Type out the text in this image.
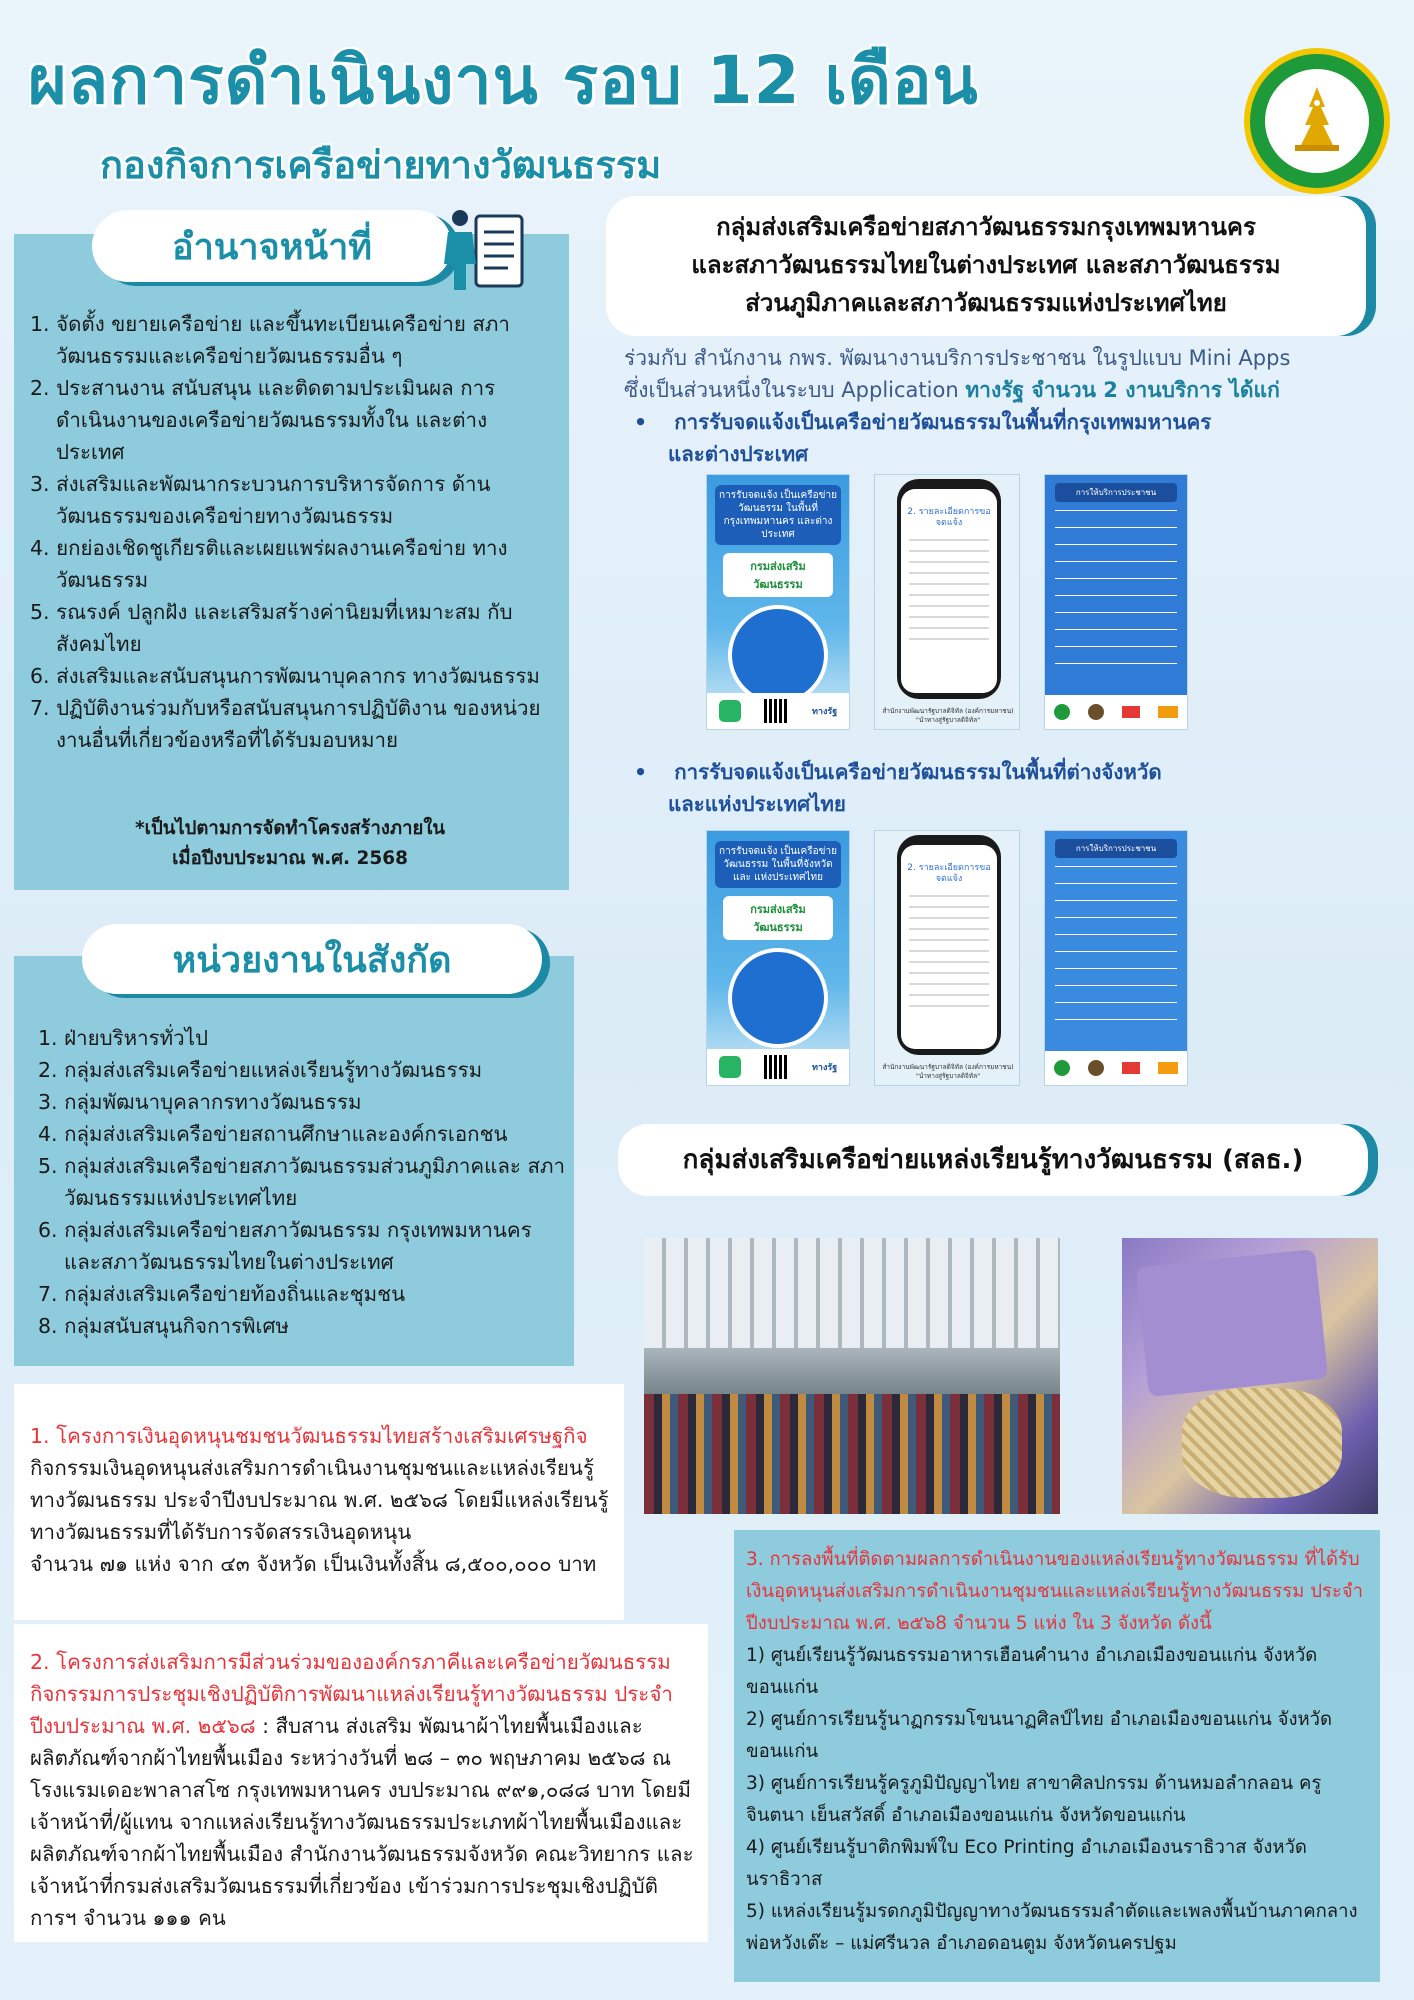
ผลการดำเนินงาน รอบ 12 เดือน
กองกิจการเครือข่ายทางวัฒนธรรม
อำนาจหน้าที่
1. จัดตั้ง ขยายเครือข่าย และขึ้นทะเบียนเครือข่าย สภาวัฒนธรรมและเครือข่ายวัฒนธรรมอื่น ๆ
2. ประสานงาน สนับสนุน และติดตามประเมินผล การดำเนินงานของเครือข่ายวัฒนธรรมทั้งใน และต่างประเทศ
3. ส่งเสริมและพัฒนากระบวนการบริหารจัดการ ด้านวัฒนธรรมของเครือข่ายทางวัฒนธรรม
4. ยกย่องเชิดชูเกียรติและเผยแพร่ผลงานเครือข่าย ทางวัฒนธรรม
5. รณรงค์ ปลูกฝัง และเสริมสร้างค่านิยมที่เหมาะสม กับสังคมไทย
6. ส่งเสริมและสนับสนุนการพัฒนาบุคลากร ทางวัฒนธรรม
7. ปฏิบัติงานร่วมกับหรือสนับสนุนการปฏิบัติงาน ของหน่วยงานอื่นที่เกี่ยวข้องหรือที่ได้รับมอบหมาย
*เป็นไปตามการจัดทำโครงสร้างภายใน
เมื่อปีงบประมาณ พ.ศ. 2568
หน่วยงานในสังกัด
1. ฝ่ายบริหารทั่วไป
2. กลุ่มส่งเสริมเครือข่ายแหล่งเรียนรู้ทางวัฒนธรรม
3. กลุ่มพัฒนาบุคลากรทางวัฒนธรรม
4. กลุ่มส่งเสริมเครือข่ายสถานศึกษาและองค์กรเอกชน
5. กลุ่มส่งเสริมเครือข่ายสภาวัฒนธรรมส่วนภูมิภาคและ สภาวัฒนธรรมแห่งประเทศไทย
6. กลุ่มส่งเสริมเครือข่ายสภาวัฒนธรรม กรุงเทพมหานคร และสภาวัฒนธรรมไทยในต่างประเทศ
7. กลุ่มส่งเสริมเครือข่ายท้องถิ่นและชุมชน
8. กลุ่มสนับสนุนกิจการพิเศษ
1. โครงการเงินอุดหนุนชมชนวัฒนธรรมไทยสร้างเสริมเศรษฐกิจ
กิจกรรมเงินอุดหนุนส่งเสริมการดำเนินงานชุมชนและแหล่งเรียนรู้ทางวัฒนธรรม ประจำปีงบประมาณ พ.ศ. ๒๕๖๘ โดยมีแหล่งเรียนรู้ทางวัฒนธรรมที่ได้รับการจัดสรรเงินอุดหนุน
จำนวน ๗๑ แห่ง จาก ๔๓ จังหวัด เป็นเงินทั้งสิ้น ๘,๕๐๐,๐๐๐ บาท
2. โครงการส่งเสริมการมีส่วนร่วมขององค์กรภาคีและเครือข่ายวัฒนธรรม กิจกรรมการประชุมเชิงปฏิบัติการพัฒนาแหล่งเรียนรู้ทางวัฒนธรรม ประจำปีงบประมาณ พ.ศ. ๒๕๖๘ : สืบสาน ส่งเสริม พัฒนาผ้าไทยพื้นเมืองและผลิตภัณฑ์จากผ้าไทยพื้นเมือง ระหว่างวันที่ ๒๘ – ๓๐ พฤษภาคม ๒๕๖๘ ณ โรงแรมเดอะพาลาสโซ กรุงเทพมหานคร งบประมาณ ๙๙๑,๐๘๘ บาท โดยมีเจ้าหน้าที่/ผู้แทน จากแหล่งเรียนรู้ทางวัฒนธรรมประเภทผ้าไทยพื้นเมืองและผลิตภัณฑ์จากผ้าไทยพื้นเมือง สำนักงานวัฒนธรรมจังหวัด คณะวิทยากร และเจ้าหน้าที่กรมส่งเสริมวัฒนธรรมที่เกี่ยวข้อง เข้าร่วมการประชุมเชิงปฏิบัติการฯ จำนวน ๑๑๑ คน
กลุ่มส่งเสริมเครือข่ายสภาวัฒนธรรมกรุงเทพมหานคร
และสภาวัฒนธรรมไทยในต่างประเทศ และสภาวัฒนธรรม
ส่วนภูมิภาคและสภาวัฒนธรรมแห่งประเทศไทย
ร่วมกับ สำนักงาน กพร. พัฒนางานบริการประชาชน ในรูปแบบ Mini Apps
ซึ่งเป็นส่วนหนึ่งในระบบ Application ทางรัฐ จำนวน 2 งานบริการ ได้แก่
• การรับจดแจ้งเป็นเครือข่ายวัฒนธรรมในพื้นที่กรุงเทพมหานคร
และต่างประเทศ
การรับจดแจ้ง เป็นเครือข่ายวัฒนธรรม ในพื้นที่กรุงเทพมหานคร และต่างประเทศ
กรมส่งเสริม วัฒนธรรม
ทางรัฐ
2. รายละเอียดการขอจดแจ้ง
สำนักงานพัฒนารัฐบาลดิจิทัล (องค์การมหาชน) "นำทางสู่รัฐบาลดิจิทัล"
การให้บริการประชาชน
• การรับจดแจ้งเป็นเครือข่ายวัฒนธรรมในพื้นที่ต่างจังหวัด
และแห่งประเทศไทย
การรับจดแจ้ง เป็นเครือข่ายวัฒนธรรม ในพื้นที่จังหวัดและ แห่งประเทศไทย
กรมส่งเสริม วัฒนธรรม
ทางรัฐ
2. รายละเอียดการขอจดแจ้ง
สำนักงานพัฒนารัฐบาลดิจิทัล (องค์การมหาชน) "นำทางสู่รัฐบาลดิจิทัล"
การให้บริการประชาชน
กลุ่มส่งเสริมเครือข่ายแหล่งเรียนรู้ทางวัฒนธรรม (สลธ.)
3. การลงพื้นที่ติดตามผลการดำเนินงานของแหล่งเรียนรู้ทางวัฒนธรรม ที่ได้รับเงินอุดหนุนส่งเสริมการดำเนินงานชุมชนและแหล่งเรียนรู้ทางวัฒนธรรม ประจำปีงบประมาณ พ.ศ. ๒๕๖8 จำนวน 5 แห่ง ใน 3 จังหวัด ดังนี้
1) ศูนย์เรียนรู้วัฒนธรรมอาหารเฮือนคำนาง อำเภอเมืองขอนแก่น จังหวัดขอนแก่น
2) ศูนย์การเรียนรู้นาฏกรรมโขนนาฏศิลป์ไทย อำเภอเมืองขอนแก่น จังหวัดขอนแก่น
3) ศูนย์การเรียนรู้ครูภูมิปัญญาไทย สาขาศิลปกรรม ด้านหมอลำกลอน ครูจินตนา เย็นสวัสดิ์ อำเภอเมืองขอนแก่น จังหวัดขอนแก่น
4) ศูนย์เรียนรู้บาติกพิมพ์ใบ Eco Printing อำเภอเมืองนราธิวาส จังหวัดนราธิวาส
5) แหล่งเรียนรู้มรดกภูมิปัญญาทางวัฒนธรรมลำตัดและเพลงพื้นบ้านภาคกลาง พ่อหวังเต๊ะ – แม่ศรีนวล อำเภอดอนตูม จังหวัดนครปฐม
